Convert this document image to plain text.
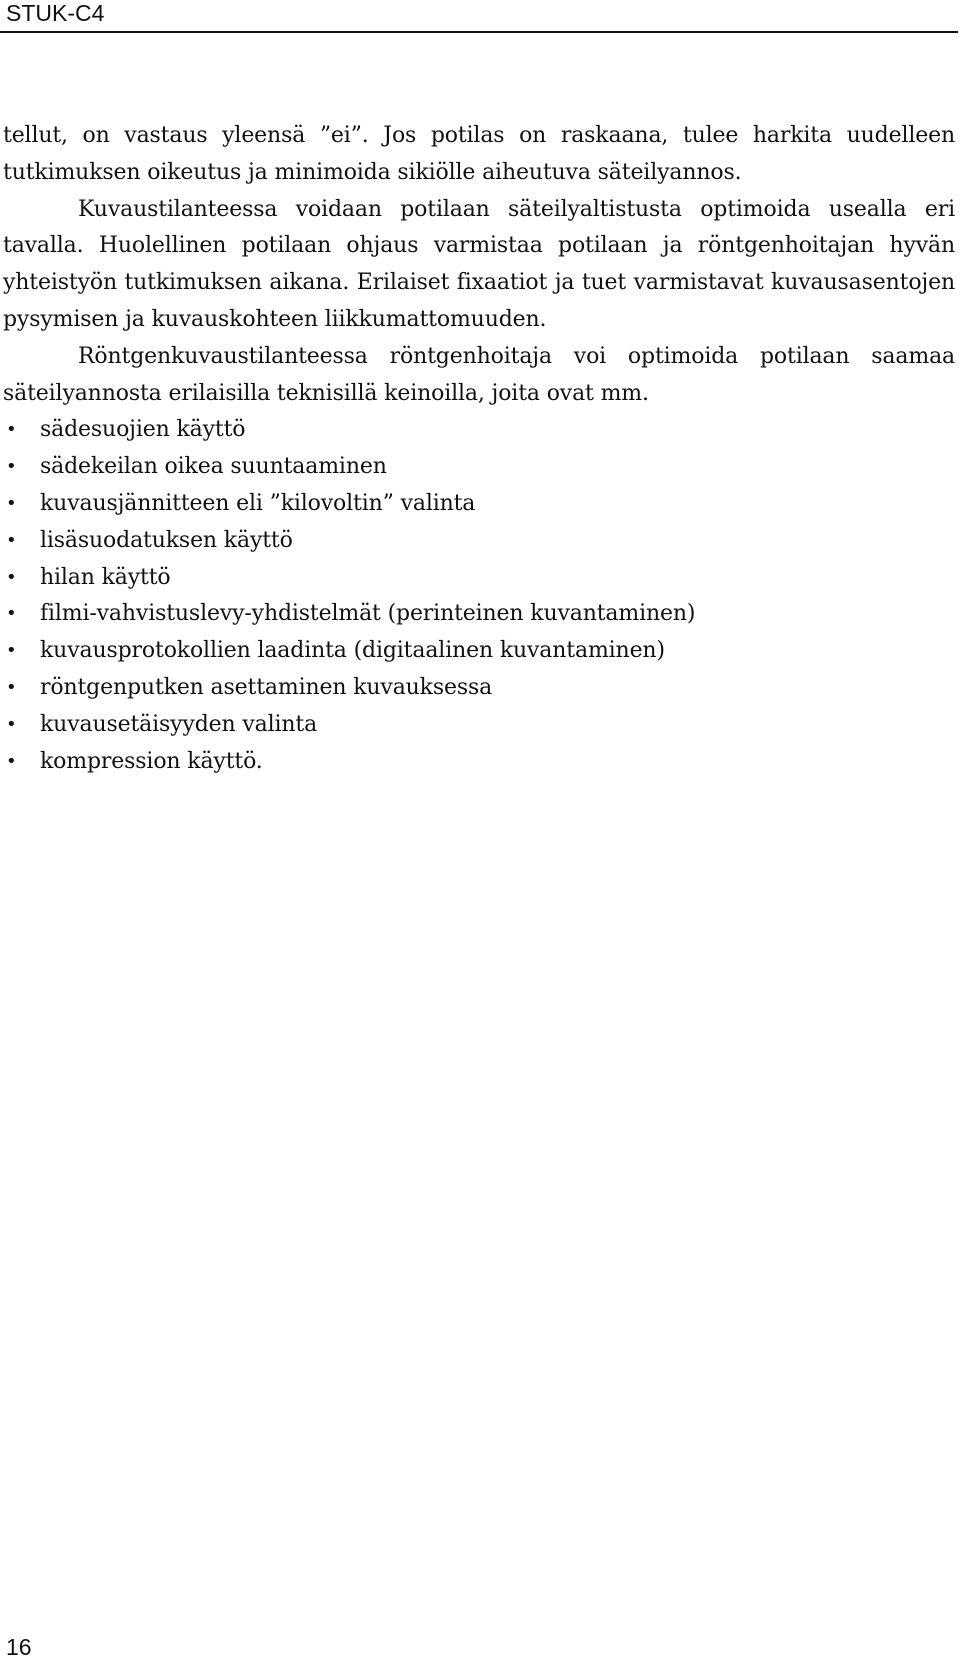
STUK-C4

tellut, on vastaus yleensä ”ei”. Jos potilas on raskaana, tulee harkita uudelleen tutkimuksen oikeutus ja minimoida sikiölle aiheutuva säteilyannos.

Kuvaustilanteessa voidaan potilaan säteilyaltistusta optimoida usealla eri tavalla. Huolellinen potilaan ohjaus varmistaa potilaan ja röntgenhoitajan hyvän yhteistyön tutkimuksen aikana. Erilaiset fixaatiot ja tuet varmistavat kuvausasentojen pysymisen ja kuvauskohteen liikkumattomuuden.

Röntgenkuvaustilanteessa röntgenhoitaja voi optimoida potilaan saamaa säteilyannosta erilaisilla teknisillä keinoilla, joita ovat mm.

• sädesuojien käyttö
• sädekeilan oikea suuntaaminen
• kuvausjännitteen eli ”kilovoltin” valinta
• lisäsuodatuksen käyttö
• hilan käyttö
• filmi-vahvistuslevy-yhdistelmät (perinteinen kuvantaminen)
• kuvausprotokollien laadinta (digitaalinen kuvantaminen)
• röntgenputken asettaminen kuvauksessa
• kuvausetäisyyden valinta
• kompression käyttö.
16
